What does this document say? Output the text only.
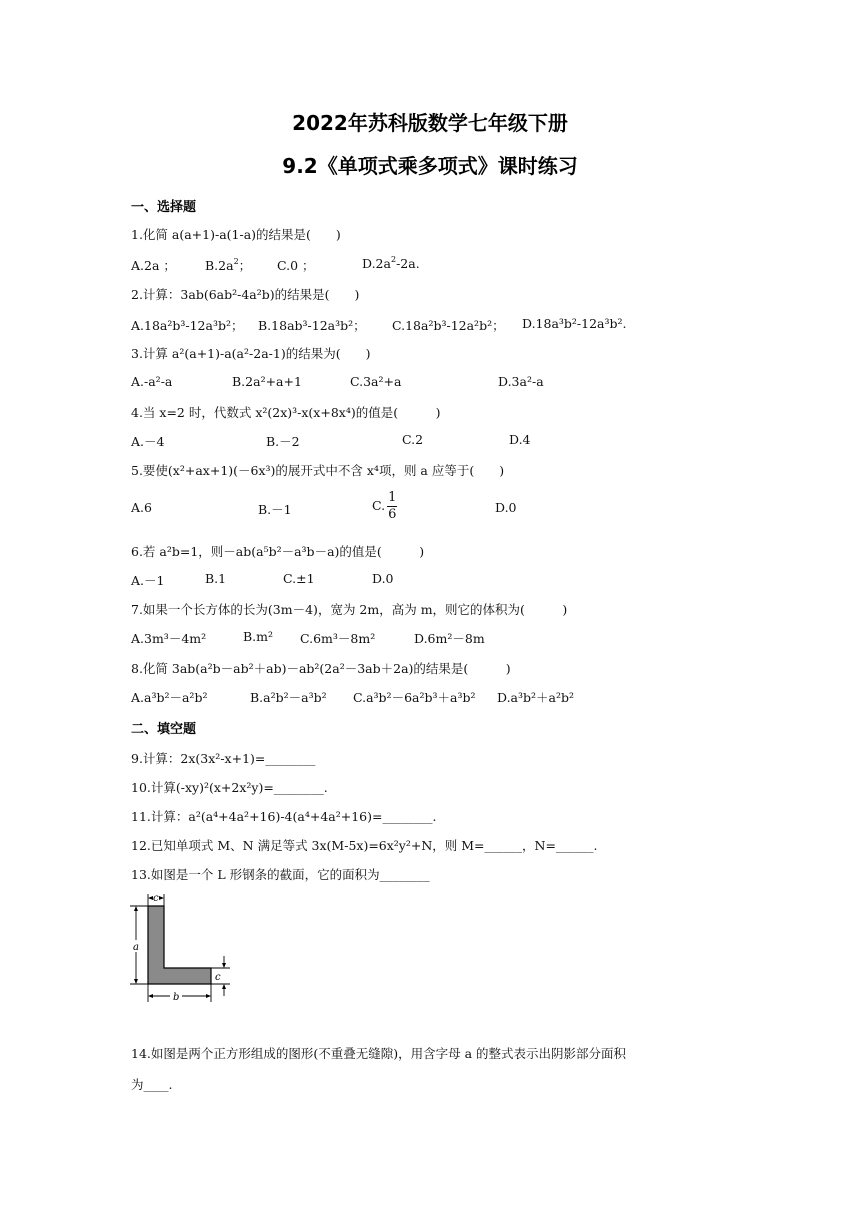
2022年苏科版数学七年级下册
9.2《单项式乘多项式》课时练习
一、选择题
1.化简 a(a+1)-a(1-a)的结果是(　　)
A.2a ； $B.2a^2$； C.0 ；	$D.2a^2-2a$.
2.计算：3ab(6ab²-4a²b)的结果是(　　)
A.18a²b³-12a³b²； B.18ab³-12a³b²； C.18a²b³-12a²b²； D.18a³b²-12a³b².
3.计算 a²(a+1)-a(a²-2a-1)的结果为(　　)
A.-a²-a	B.2a²+a+1	C.3a²+a	D.3a²-a
4.当 x=2 时，代数式 x²(2x)³-x(x+8x⁴)的值是(　　　)
A.－4	B.－2	C.2	D.4
5.要使(x²+ax+1)(－6x³)的展开式中不含 x⁴项，则 a 应等于(　　)
A.6	B.－1	C. $\frac{1}{6}$	D.0
6.若 a²b=1，则－ab(a⁵b²－a³b－a)的值是(　　　)
A.－1	B.1	C.±1	D.0
7.如果一个长方体的长为(3m－4)，宽为 2m，高为 m，则它的体积为(　　　)
A.3m³－4m²	B.m² C.6m³－8m²	D.6m²－8m
8.化简 3ab(a²b－ab²＋ab)－ab²(2a²－3ab＋2a)的结果是(　　　)
A.a³b²－a²b²	B.a²b²－a³b² C.a³b²－6a²b³＋a³b² D.a³b²＋a²b²
二、填空题
9.计算：2x(3x²-x+1)=________
10.计算(-xy)²(x+2x²y)=________.
11.计算：a²(a⁴+4a²+16)-4(a⁴+4a²+16)=________.
12.已知单项式 M、N 满足等式 3x(M-5x)=6x²y²+N，则 M=______，N=______.
13.如图是一个 L 形钢条的截面，它的面积为________
c
a
c
b
14.如图是两个正方形组成的图形(不重叠无缝隙)，用含字母 a 的整式表示出阴影部分面积
为____.
